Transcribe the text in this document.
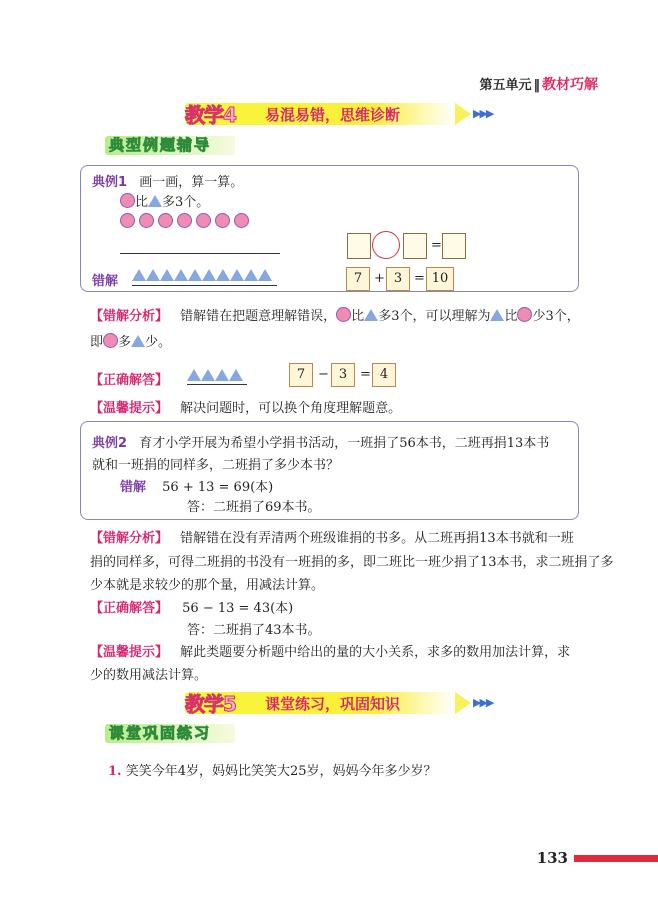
第五单元 ‖ 教材巧解
教学4 易混易错，思维诊断	▶▶▶
典型例题辅导
典例1 画一画，算一算。
比 多3个。
=
错解	7 + 3 = 10
【错解分析】 错解错在把题意理解错误， 比 多3个，可以理解为 比 少3个，
即 多 少。
【正确解答】	7 − 3 = 4
【温馨提示】 解决问题时，可以换个角度理解题意。
典例2 育才小学开展为希望小学捐书活动，一班捐了56本书，二班再捐13本书
就和一班捐的同样多，二班捐了多少本书？
错解 56 + 13 = 69(本)
答：二班捐了69本书。
【错解分析】 错解错在没有弄清两个班级谁捐的书多。从二班再捐13本书就和一班
捐的同样多，可得二班捐的书没有一班捐的多，即二班比一班少捐了13本书，求二班捐了多
少本就是求较少的那个量，用减法计算。
【正确解答】 56 − 13 = 43(本)
答：二班捐了43本书。
【温馨提示】 解此类题要分析题中给出的量的大小关系，求多的数用加法计算，求
少的数用减法计算。
教学5 课堂练习，巩固知识	▶▶▶
课堂巩固练习
1. 笑笑今年4岁，妈妈比笑笑大25岁，妈妈今年多少岁？
133
